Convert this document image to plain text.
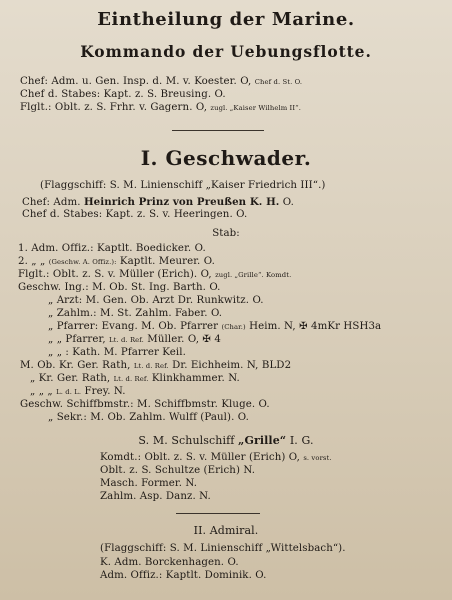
Eintheilung der Marine.
Kommando der Uebungsflotte.
Chef: Adm. u. Gen. Insp. d. M. v. Koester. O, Chef d. St. O.
Chef d. Stabes: Kapt. z. S. Breusing. O.
Flglt.: Oblt. z. S. Frhr. v. Gagern. O, zugl. „Kaiser Wilhelm II“.
I. Geschwader.
(Flaggschiff: S. M. Linienschiff „Kaiser Friedrich III“.)
Chef: Adm. Heinrich Prinz von Preußen K. H. O.
Chef d. Stabes: Kapt. z. S. v. Heeringen. O.
Stab:
1. Adm. Offiz.: Kaptlt. Boedicker. O.
2. „ „ (Geschw. A. Offiz.): Kaptlt. Meurer. O.
Flglt.: Oblt. z. S. v. Müller (Erich). O, zugl. „Grille“. Komdt.
Geschw. Ing.: M. Ob. St. Ing. Barth. O.
„ Arzt: M. Gen. Ob. Arzt Dr. Runkwitz. O.
„ Zahlm.: M. St. Zahlm. Faber. O.
„ Pfarrer: Evang. M. Ob. Pfarrer (Char.) Heim. N, ✠ 4mKr HSH3a
„ „ Pfarrer, Lt. d. Ref. Müller. O, ✠ 4
„ „ : Kath. M. Pfarrer Keil.
M. Ob. Kr. Ger. Rath, Lt. d. Ref. Dr. Eichheim. N, BLD2
„ Kr. Ger. Rath, Lt. d. Ref. Klinkhammer. N.
„ „ „ L. d. L. Frey. N.
Geschw. Schiffbmstr.: M. Schiffbmstr. Kluge. O.
„ Sekr.: M. Ob. Zahlm. Wulff (Paul). O.
S. M. Schulschiff „Grille“ I. G.
Komdt.: Oblt. z. S. v. Müller (Erich) O, s. vorst.
Oblt. z. S. Schultze (Erich) N.
Masch. Former. N.
Zahlm. Asp. Danz. N.
II. Admiral.
(Flaggschiff: S. M. Linienschiff „Wittelsbach“).
K. Adm. Borckenhagen. O.
Adm. Offiz.: Kaptlt. Dominik. O.
